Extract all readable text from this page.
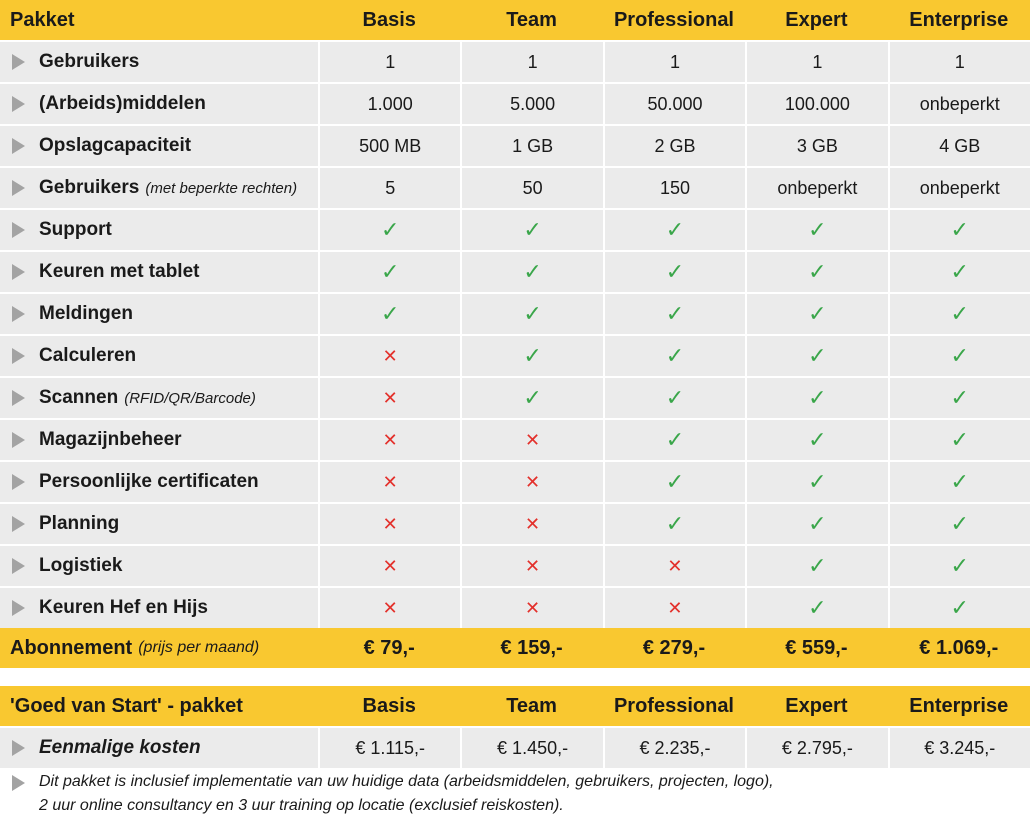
Pakket	Basis	Team	Professional	Expert	Enterprise
Gebruikers	1	1	1	1	1
(Arbeids)middelen	1.000	5.000	50.000	100.000	onbeperkt
Opslagcapaciteit	500 MB	1 GB	2 GB	3 GB	4 GB
Gebruikers (met beperkte rechten)	5	50	150	onbeperkt	onbeperkt
Support	✓	✓	✓	✓	✓
Keuren met tablet	✓	✓	✓	✓	✓
Meldingen	✓	✓	✓	✓	✓
Calculeren	✕	✓	✓	✓	✓
Scannen (RFID/QR/Barcode)	✕	✓	✓	✓	✓
Magazijnbeheer	✕	✕	✓	✓	✓
Persoonlijke certificaten	✕	✕	✓	✓	✓
Planning	✕	✕	✓	✓	✓
Logistiek	✕	✕	✕	✓	✓
Keuren Hef en Hijs	✕	✕	✕	✓	✓
Abonnement (prijs per maand)	€ 79,-	€ 159,-	€ 279,-	€ 559,-	€ 1.069,-
'Goed van Start' - pakket	Basis	Team	Professional	Expert	Enterprise
Eenmalige kosten	€ 1.115,-	€ 1.450,-	€ 2.235,-	€ 2.795,-	€ 3.245,-
Dit pakket is inclusief implementatie van uw huidige data (arbeidsmiddelen, gebruikers, projecten, logo),
2 uur online consultancy en 3 uur training op locatie (exclusief reiskosten).
